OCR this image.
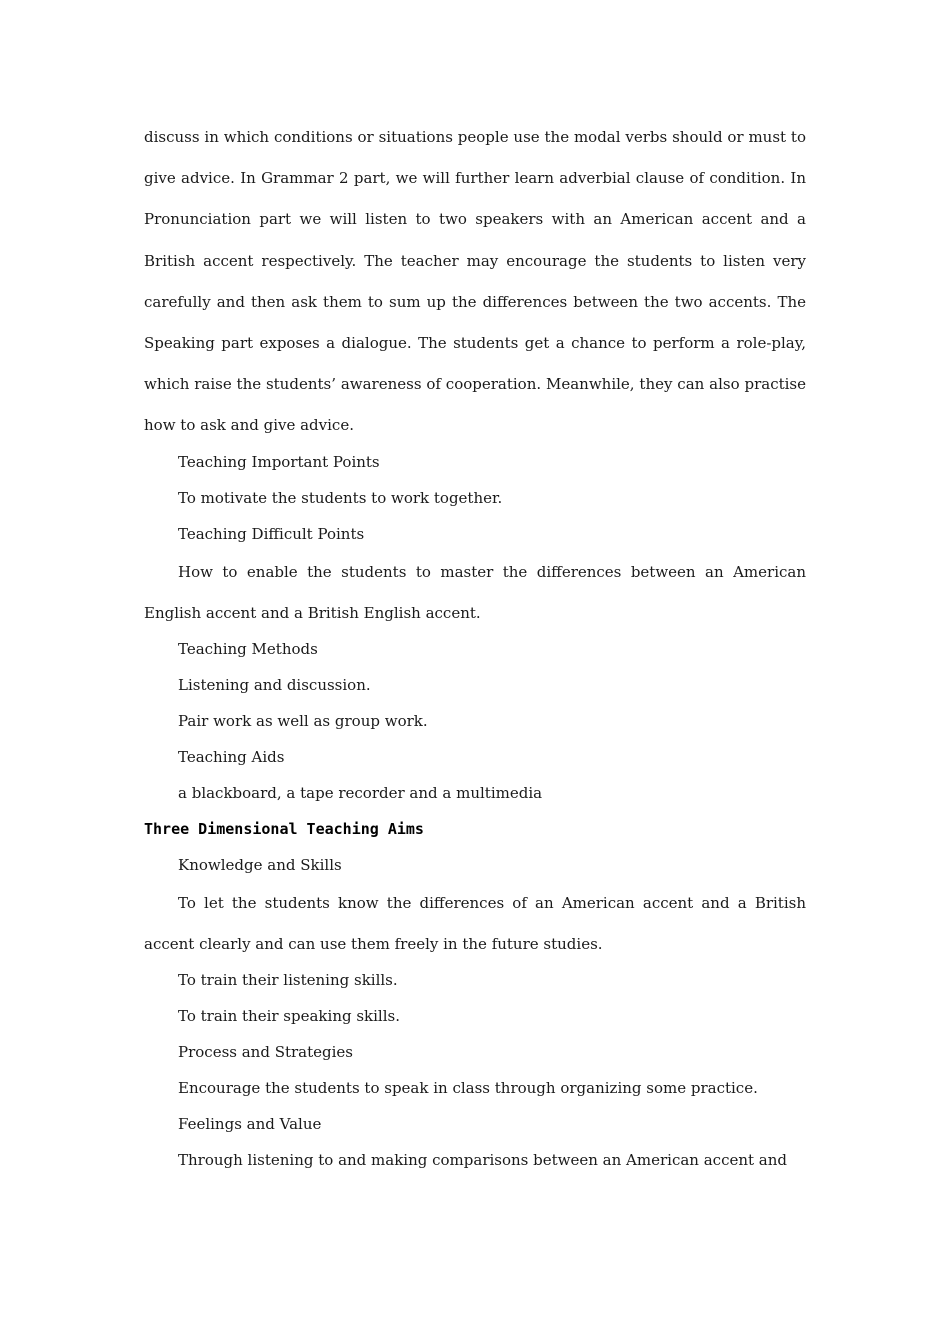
discuss in which conditions or situations people use the modal verbs should or must to give advice. In Grammar 2 part, we will further learn adverbial clause of condition. In Pronunciation part we will listen to two speakers with an American accent and a British accent respectively. The teacher may encourage the students to listen very carefully and then ask them to sum up the differences between the two accents. The Speaking part exposes a dialogue. The students get a chance to perform a role-play, which raise the students’ awareness of cooperation. Meanwhile, they can also practise how to ask and give advice.

Teaching Important Points

To motivate the students to work together.

Teaching Difficult Points

How to enable the students to master the differences between an American English accent and a British English accent.

Teaching Methods

Listening and discussion.

Pair work as well as group work.

Teaching Aids

a blackboard, a tape recorder and a multimedia

Three Dimensional Teaching Aims

Knowledge and Skills

To let the students know the differences of an American accent and a British accent clearly and can use them freely in the future studies.

To train their listening skills.

To train their speaking skills.

Process and Strategies

Encourage the students to speak in class through organizing some practice.

Feelings and Value

Through listening to and making comparisons between an American accent and
